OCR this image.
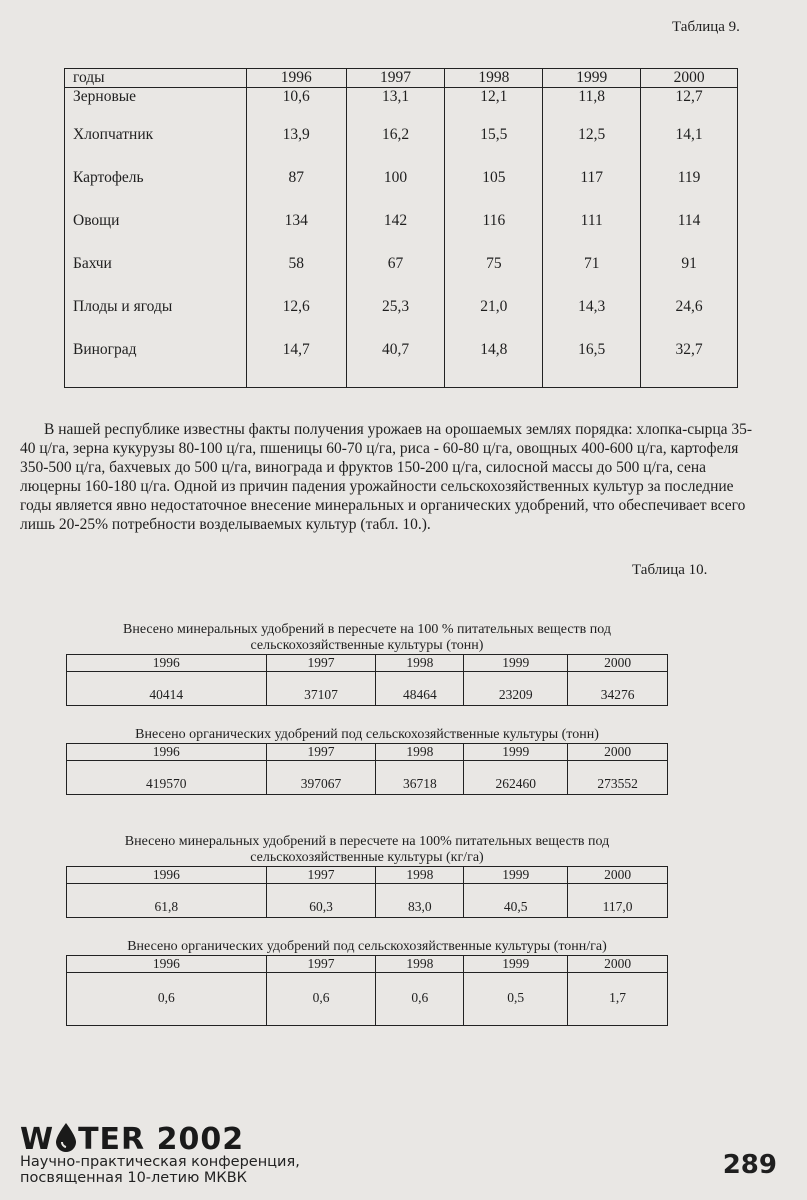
Таблица 9.
годы	1996	1997	1998	1999	2000
Зерновые	10,6	13,1	12,1	11,8	12,7
Хлопчатник	13,9	16,2	15,5	12,5	14,1
Картофель	87	100	105	117	119
Овощи	134	142	116	111	114
Бахчи	58	67	75	71	91
Плоды и ягоды	12,6	25,3	21,0	14,3	24,6
Виноград	14,7	40,7	14,8	16,5	32,7

В нашей республике известны факты получения урожаев на орошаемых землях порядка: хлопка-сырца 35-40 ц/га, зерна кукурузы 80-100 ц/га, пшеницы 60-70 ц/га, риса - 60-80 ц/га, овощных 400-600 ц/га, картофеля 350-500 ц/га, бахчевых до 500 ц/га, винограда и фруктов 150-200 ц/га, силосной массы до 500 ц/га, сена люцерны 160-180 ц/га. Одной из причин падения урожайности сельскохозяйственных культур за последние годы является явно недостаточное внесение минеральных и органических удобрений, что обеспечивает всего лишь 20-25% потребности возделываемых культур (табл. 10.).

Таблица 10.
Внесено минеральных удобрений в пересчете на 100 % питательных веществ под
сельскохозяйственные культуры (тонн)
1996	1997	1998	1999	2000
40414	37107	48464	23209	34276
Внесено органических удобрений под сельскохозяйственные культуры (тонн)
1996	1997	1998	1999	2000
419570	397067	36718	262460	273552
Внесено минеральных удобрений в пересчете на 100% питательных веществ под
сельскохозяйственные культуры (кг/га)
1996	1997	1998	1999	2000
61,8	60,3	83,0	40,5	117,0
Внесено органических удобрений под сельскохозяйственные культуры (тонн/га)
1996	1997	1998	1999	2000
0,6	0,6	0,6	0,5	1,7
W TER 2002
Научно-практическая конференция,
посвященная 10-летию МКВК	289
